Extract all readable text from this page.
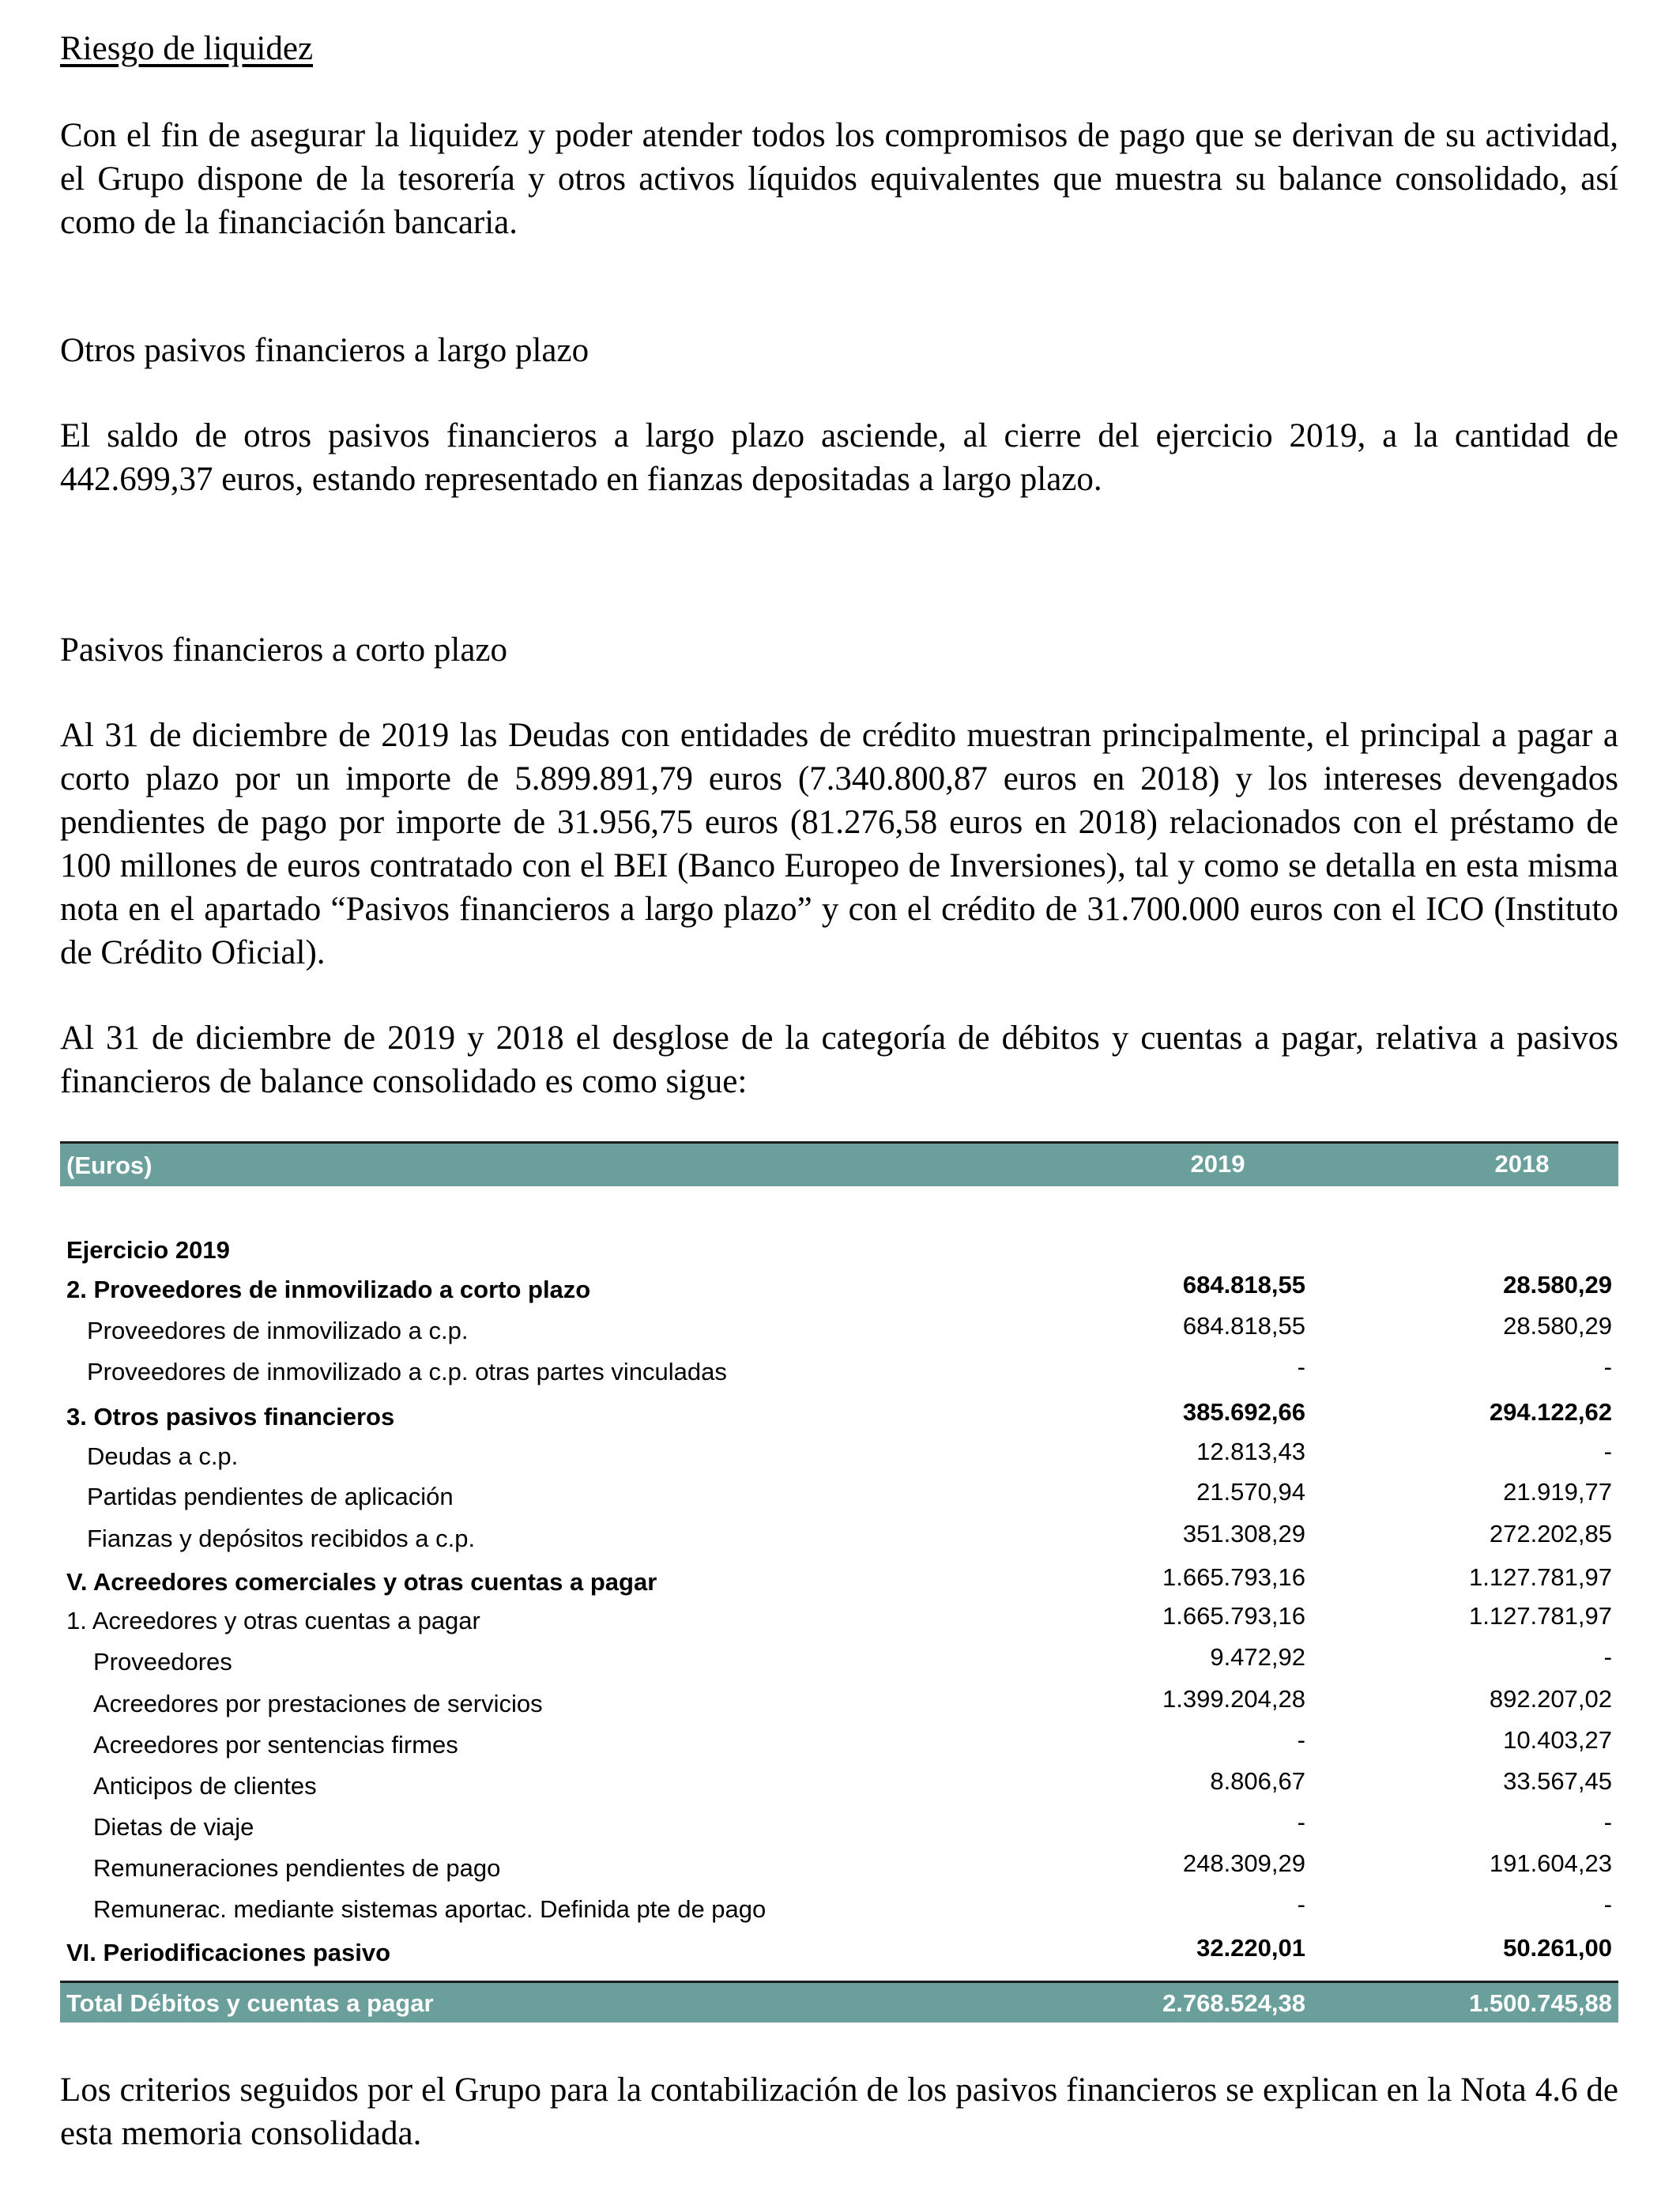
Riesgo de liquidez

Con el fin de asegurar la liquidez y poder atender todos los compromisos de pago que se derivan de su actividad, el Grupo dispone de la tesorería y otros activos líquidos equivalentes que muestra su balance consolidado, así como de la financiación bancaria.

Otros pasivos financieros a largo plazo

El saldo de otros pasivos financieros a largo plazo asciende, al cierre del ejercicio 2019, a la cantidad de 442.699,37 euros, estando representado en fianzas depositadas a largo plazo.

Pasivos financieros a corto plazo

Al 31 de diciembre de 2019 las Deudas con entidades de crédito muestran principalmente, el principal a pagar a corto plazo por un importe de 5.899.891,79 euros (7.340.800,87 euros en 2018) y los intereses devengados pendientes de pago por importe de 31.956,75 euros (81.276,58 euros en 2018) relacionados con el préstamo de 100 millones de euros contratado con el BEI (Banco Europeo de Inversiones), tal y como se detalla en esta misma nota en el apartado “Pasivos financieros a largo plazo” y con el crédito de 31.700.000 euros con el ICO (Instituto de Crédito Oficial).

Al 31 de diciembre de 2019 y 2018 el desglose de la categoría de débitos y cuentas a pagar, relativa a pasivos financieros de balance consolidado es como sigue:

(Euros)	2019	2018
Ejercicio 2019
2. Proveedores de inmovilizado a corto plazo	684.818,55	28.580,29
Proveedores de inmovilizado a c.p.	684.818,55	28.580,29
Proveedores de inmovilizado a c.p. otras partes vinculadas	-	-
3. Otros pasivos financieros	385.692,66	294.122,62
Deudas a c.p.	12.813,43	-
Partidas pendientes de aplicación	21.570,94	21.919,77
Fianzas y depósitos recibidos a c.p.	351.308,29	272.202,85
V. Acreedores comerciales y otras cuentas a pagar	1.665.793,16	1.127.781,97
1. Acreedores y otras cuentas a pagar	1.665.793,16	1.127.781,97
Proveedores	9.472,92	-
Acreedores por prestaciones de servicios	1.399.204,28	892.207,02
Acreedores por sentencias firmes	-	10.403,27
Anticipos de clientes	8.806,67	33.567,45
Dietas de viaje	-	-
Remuneraciones pendientes de pago	248.309,29	191.604,23
Remunerac. mediante sistemas aportac. Definida pte de pago	-	-
VI. Periodificaciones pasivo	32.220,01	50.261,00
Total Débitos y cuentas a pagar	2.768.524,38	1.500.745,88

Los criterios seguidos por el Grupo para la contabilización de los pasivos financieros se explican en la Nota 4.6 de esta memoria consolidada.
